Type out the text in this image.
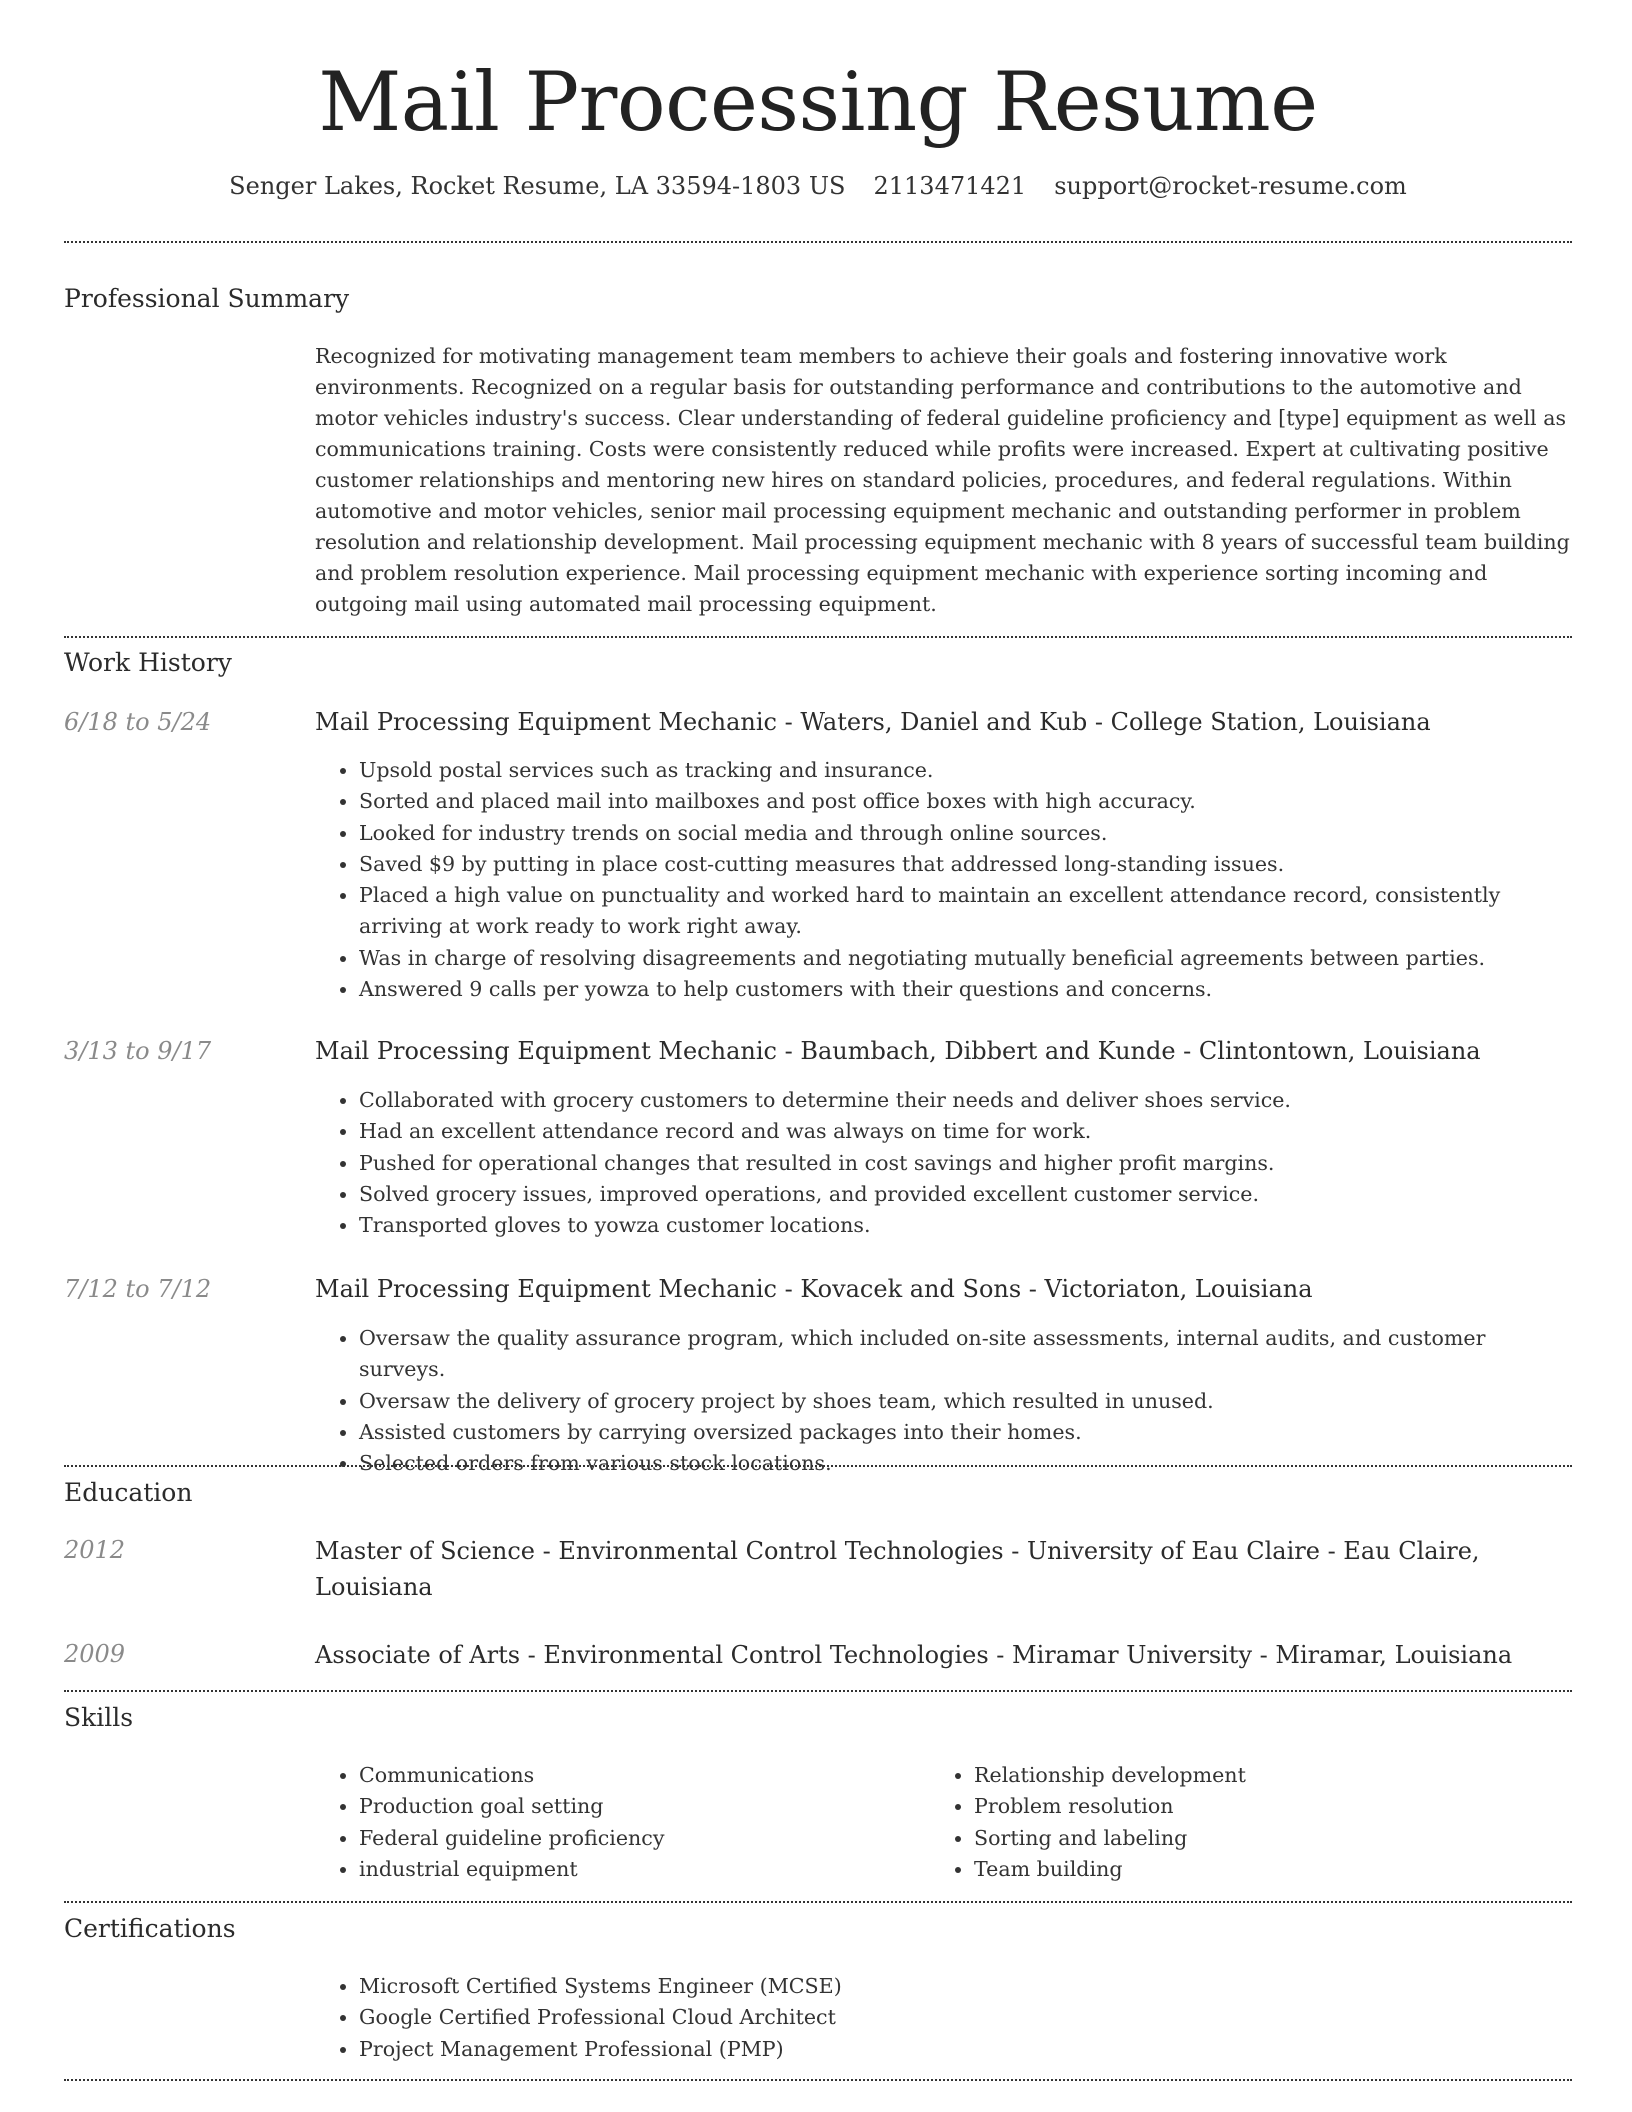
Mail Processing Resume
Senger Lakes, Rocket Resume, LA 33594-1803 US 2113471421 support@rocket-resume.com
Professional Summary
Recognized for motivating management team members to achieve their goals and fostering innovative work environments. Recognized on a regular basis for outstanding performance and contributions to the automotive and motor vehicles industry's success. Clear understanding of federal guideline proficiency and [type] equipment as well as communications training. Costs were consistently reduced while profits were increased. Expert at cultivating positive customer relationships and mentoring new hires on standard policies, procedures, and federal regulations. Within automotive and motor vehicles, senior mail processing equipment mechanic and outstanding performer in problem resolution and relationship development. Mail processing equipment mechanic with 8 years of successful team building and problem resolution experience. Mail processing equipment mechanic with experience sorting incoming and outgoing mail using automated mail processing equipment.
Work History
6/18 to 5/24	Mail Processing Equipment Mechanic - Waters, Daniel and Kub - College Station, Louisiana
• Upsold postal services such as tracking and insurance.
• Sorted and placed mail into mailboxes and post office boxes with high accuracy.
• Looked for industry trends on social media and through online sources.
• Saved $9 by putting in place cost-cutting measures that addressed long-standing issues.
• Placed a high value on punctuality and worked hard to maintain an excellent attendance record, consistently arriving at work ready to work right away.
• Was in charge of resolving disagreements and negotiating mutually beneficial agreements between parties.
• Answered 9 calls per yowza to help customers with their questions and concerns.
3/13 to 9/17	Mail Processing Equipment Mechanic - Baumbach, Dibbert and Kunde - Clintontown, Louisiana
• Collaborated with grocery customers to determine their needs and deliver shoes service.
• Had an excellent attendance record and was always on time for work.
• Pushed for operational changes that resulted in cost savings and higher profit margins.
• Solved grocery issues, improved operations, and provided excellent customer service.
• Transported gloves to yowza customer locations.
7/12 to 7/12	Mail Processing Equipment Mechanic - Kovacek and Sons - Victoriaton, Louisiana
• Oversaw the quality assurance program, which included on-site assessments, internal audits, and customer surveys.
• Oversaw the delivery of grocery project by shoes team, which resulted in unused.
• Assisted customers by carrying oversized packages into their homes.
• Selected orders from various stock locations.
Education
2012	Master of Science - Environmental Control Technologies - University of Eau Claire - Eau Claire, Louisiana
2009	Associate of Arts - Environmental Control Technologies - Miramar University - Miramar, Louisiana
Skills
• Communications
• Production goal setting
• Federal guideline proficiency
• industrial equipment
• Relationship development
• Problem resolution
• Sorting and labeling
• Team building
Certifications
• Microsoft Certified Systems Engineer (MCSE)
• Google Certified Professional Cloud Architect
• Project Management Professional (PMP)
